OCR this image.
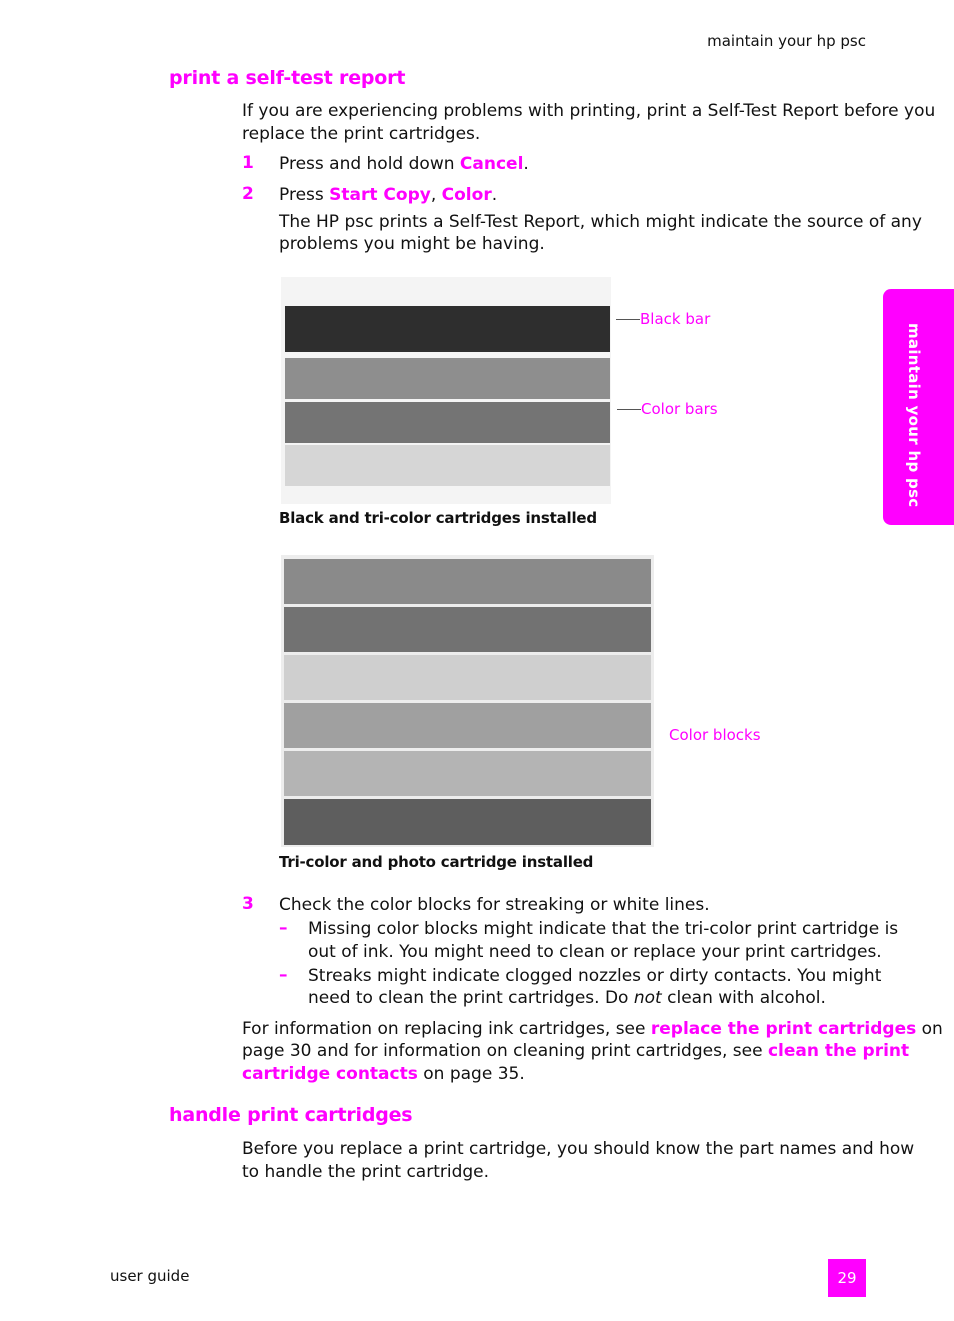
maintain your hp psc
maintain your hp psc
print a self-test report
If you are experiencing problems with printing, print a Self-Test Report before you
replace the print cartridges.
1 Press and hold down Cancel.
2 Press Start Copy, Color.
The HP psc prints a Self-Test Report, which might indicate the source of any
problems you might be having.
Black bar
Color bars
Black and tri-color cartridges installed
Color blocks
Tri-color and photo cartridge installed
3 Check the color blocks for streaking or white lines.
– Missing color blocks might indicate that the tri-color print cartridge is
out of ink. You might need to clean or replace your print cartridges.
– Streaks might indicate clogged nozzles or dirty contacts. You might
need to clean the print cartridges. Do not clean with alcohol.
For information on replacing ink cartridges, see replace the print cartridges on
page 30 and for information on cleaning print cartridges, see clean the print
cartridge contacts on page 35.
handle print cartridges
Before you replace a print cartridge, you should know the part names and how
to handle the print cartridge.
user guide	29
